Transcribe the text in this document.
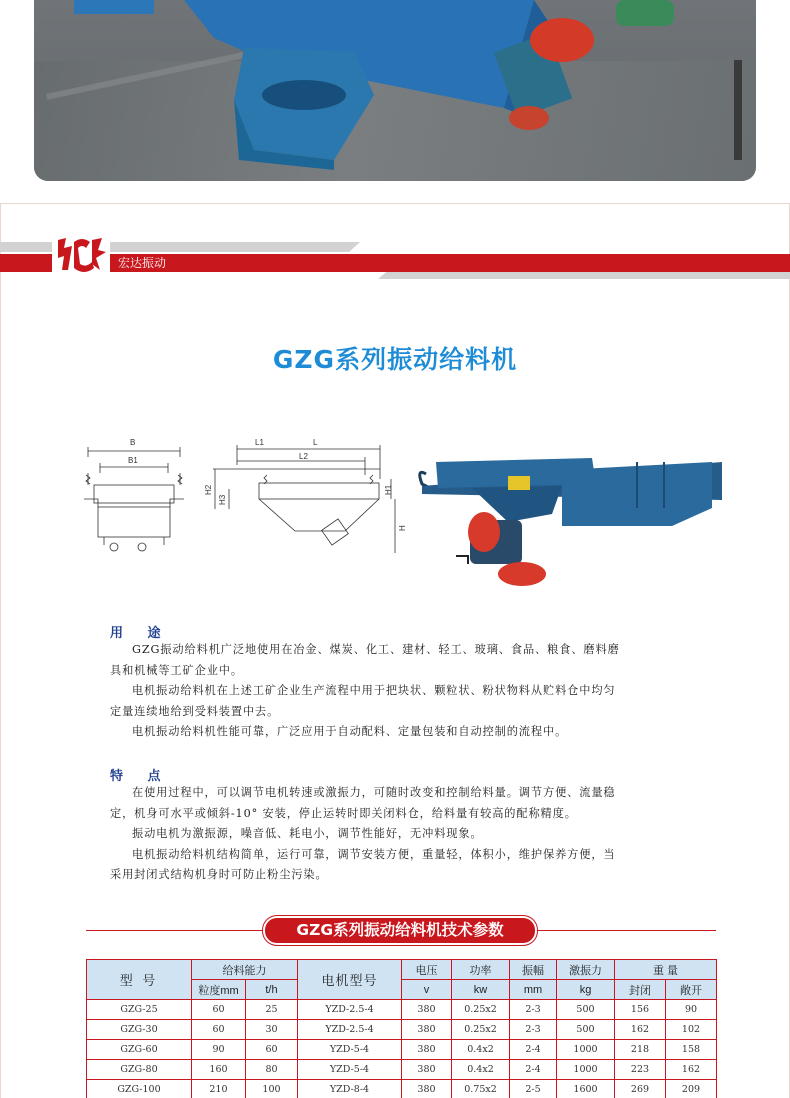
宏达振动
GZG系列振动给料机
B
B1
L1	L
L2
H2
H3
H1
H
用 途
GZG振动给料机广泛地使用在冶金、煤炭、化工、建材、轻工、玻璃、食品、粮食、磨料磨
具和机械等工矿企业中。
电机振动给料机在上述工矿企业生产流程中用于把块状、颗粒状、粉状物料从贮料仓中均匀
定量连续地给到受料装置中去。
电机振动给料机性能可靠，广泛应用于自动配料、定量包装和自动控制的流程中。
特 点
在使用过程中，可以调节电机转速或激振力，可随时改变和控制给料量。调节方便、流量稳
定，机身可水平或倾斜-10° 安装，停止运转时即关闭料仓，给料量有较高的配称精度。
振动电机为激振源，噪音低、耗电小，调节性能好，无冲料现象。
电机振动给料机结构简单，运行可靠，调节安装方便，重量轻，体积小，维护保养方便，当
采用封闭式结构机身时可防止粉尘污染。
GZG系列振动给料机技术参数
型 号	给料能力		电机型号	电压	功率	振幅	激振力	重 量	
	粒度mm	t/h		v	kw	mm	kg	封闭	敞开
GZG-25	60	25	YZD-2.5-4	380	0.25x2	2-3	500	156	90
GZG-30	60	30	YZD-2.5-4	380	0.25x2	2-3	500	162	102
GZG-60	90	60	YZD-5-4	380	0.4x2	2-4	1000	218	158
GZG-80	160	80	YZD-5-4	380	0.4x2	2-4	1000	223	162
GZG-100	210	100	YZD-8-4	380	0.75x2	2-5	1600	269	209
